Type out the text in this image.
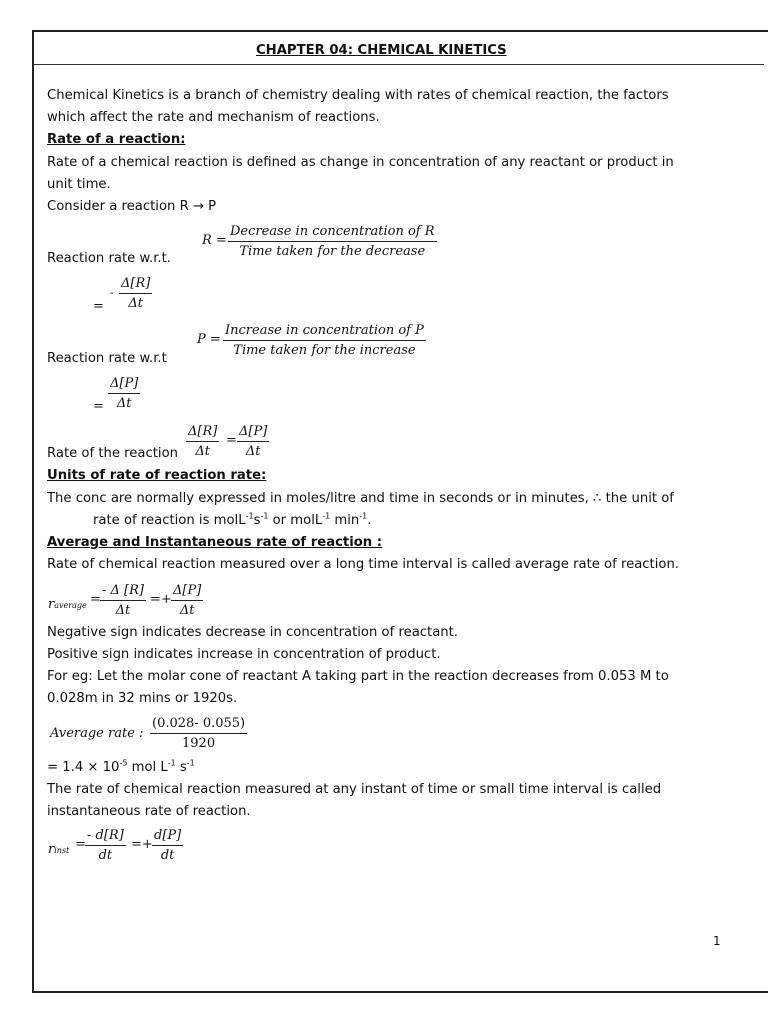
CHAPTER 04: CHEMICAL KINETICS
Chemical Kinetics is a branch of chemistry dealing with rates of chemical reaction, the factors
which affect the rate and mechanism of reactions.
Rate of a reaction:
Rate of a chemical reaction is defined as change in concentration of any reactant or product in
unit time.
Consider a reaction R → P
R =
Decrease in concentration of R
Time taken for the decrease
Reaction rate w.r.t.
=
- $\frac{\Delta[R]}{\Delta t}$
P =
Increase in concentration of P
Time taken for the increase
Reaction rate w.r.t
= $\frac{\Delta[P]}{\Delta t}$
$\frac{\Delta[R]}{\Delta t} = \frac{\Delta[P]}{\Delta t}$
Rate of the reaction
Units of rate of reaction rate:
The conc are normally expressed in moles/litre and time in seconds or in minutes, ∴ the unit of
rate of reaction is $molL^{-1}s^{-1}$ or molL$^{-1}$ $\min^{-1}$.
Average and Instantaneous rate of reaction :
Rate of chemical reaction measured over a long time interval is called average rate of reaction.
raverage = $\frac{- \Delta [R]}{\Delta t} =+ \frac{\Delta[P]}{\Delta t}$
Negative sign indicates decrease in concentration of reactant.
Positive sign indicates increase in concentration of product.
For eg: Let the molar cone of reactant A taking part in the reaction decreases from 0.053 M to
0.028m in 32 mins or 1920s.
Average rate : $\frac{(0.028- 0.055)}{1920}$
= $1.4 \times 10^{-5}$ mol $L^{-1}$ $s^{-1}$
The rate of chemical reaction measured at any instant of time or small time interval is called
instantaneous rate of reaction.
rinst = $\frac{- d[R]}{dt} =+ \frac{d[P]}{dt}$
1
